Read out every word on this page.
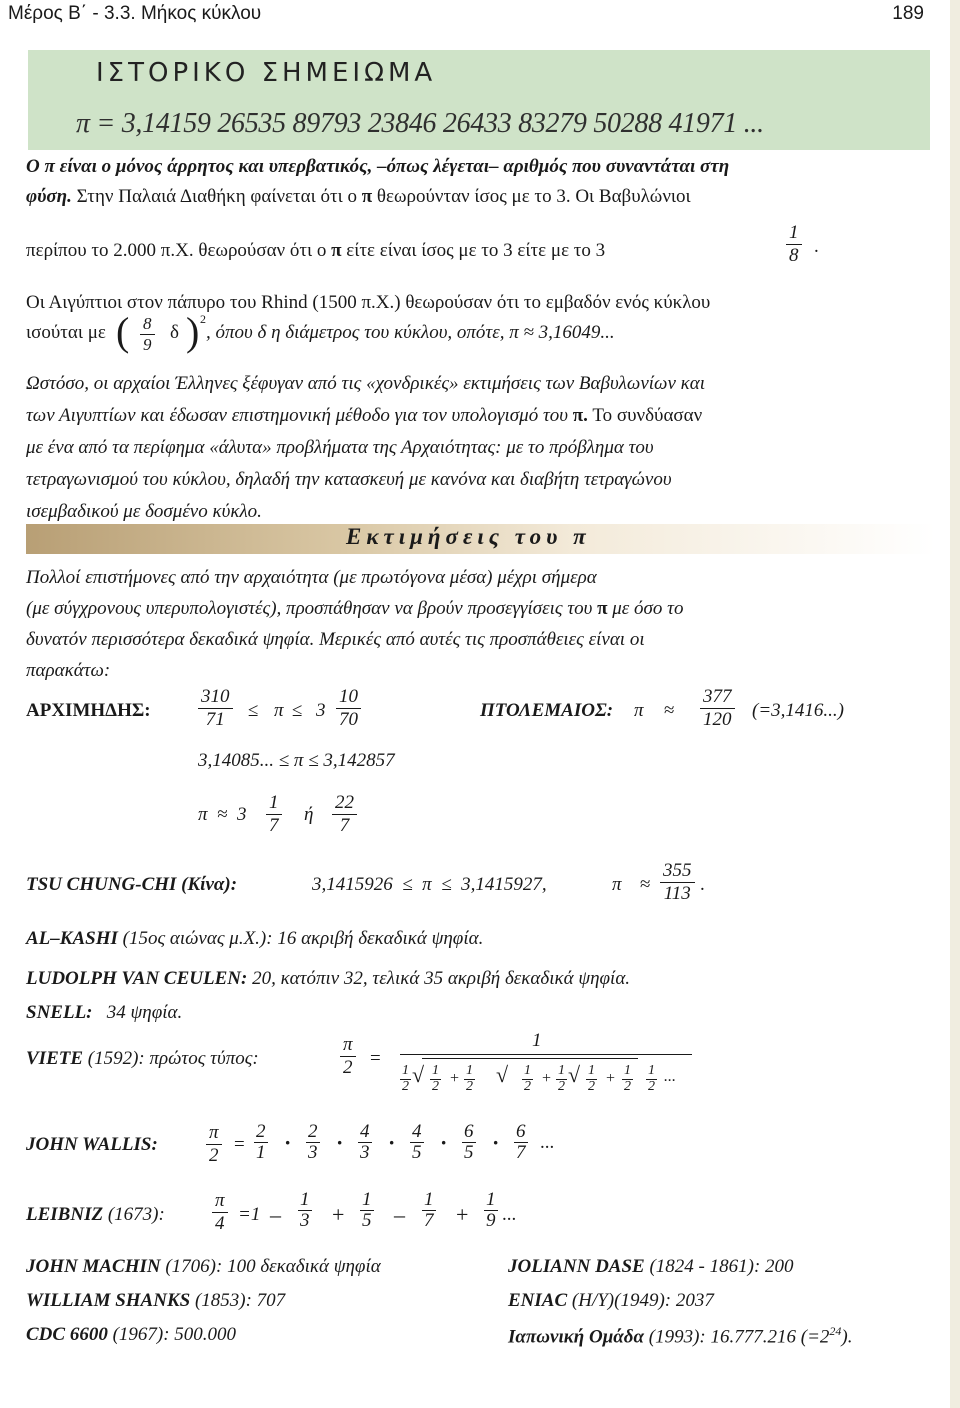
Μέρος Β΄ - 3.3. Μήκος κύκλου	189
ΙΣΤΟΡΙΚΟ ΣΗΜΕΙΩΜΑ
π = 3,14159 26535 89793 23846 26433 83279 50288 41971 ...
Ο π είναι ο μόνος άρρητος και υπερβατικός, –όπως λέγεται– αριθμός που συναντάται στη
φύση. Στην Παλαιά Διαθήκη φαίνεται ότι ο π θεωρούνταν ίσος με το 3. Οι Βαβυλώνιοι
περίπου το 2.000 π.Χ. θεωρούσαν ότι ο π είτε είναι ίσος με το 3 είτε με το 3	$\frac{1}{8}$ .
Οι Αιγύπτιοι στον πάπυρο του Rhind (1500 π.Χ.) θεωρούσαν ότι το εμβαδόν ενός κύκλου
ισούται με ( $\frac{8}{9}$ δ ) 2
, όπου δ η διάμετρος του κύκλου, οπότε, π ≈ 3,16049...
Ωστόσο, οι αρχαίοι Έλληνες ξέφυγαν από τις «χονδρικές» εκτιμήσεις των Βαβυλωνίων και
των Αιγυπτίων και έδωσαν επιστημονική μέθοδο για τον υπολογισμό του π. Το συνδύασαν
με ένα από τα περίφημα «άλυτα» προβλήματα της Αρχαιότητας: με το πρόβλημα του
τετραγωνισμού του κύκλου, δηλαδή την κατασκευή με κανόνα και διαβήτη τετραγώνου
ισεμβαδικού με δοσμένο κύκλο.
Εκτιμήσεις του π
Πολλοί επιστήμονες από την αρχαιότητα (με πρωτόγονα μέσα) μέχρι σήμερα
(με σύγχρονους υπερυπολογιστές), προσπάθησαν να βρούν προσεγγίσεις του π με όσο το
δυνατόν περισσότερα δεκαδικά ψηφία. Μερικές από αυτές τις προσπάθειες είναι οι
παρακάτω:
ΑΡΧΙΜΗΔΗΣ: $\frac{310}{71} \le \pi \le 3 \frac{10}{70}$
3,14085... ≤ π ≤ 3,142857
$\pi \approx 3 \frac{1}{7}$ ή $\frac{22}{7}$
ΠΤΟΛΕΜΑΙΟΣ: $\pi \approx \frac{377}{120} (=3,1416...)$
TSU CHUNG-CHI (Κίνα):	3,1415926  ≤  π  ≤  3,1415927,	$\pi \approx \frac{355}{113}$ .
AL–KASHI (15ος αιώνας μ.Χ.): 16 ακριβή δεκαδικά ψηφία.
LUDOLPH VAN CEULEN: 20, κατόπιν 32, τελικά 35 ακριβή δεκαδικά ψηφία.
SNELL: 34 ψηφία.
VIETE (1592): πρώτος τύπος:	$\frac{\pi}{2}$ =
1
$\frac{1}{2} \frac{1}{2} + \frac{1}{2}$	$\frac{1}{2} + \frac{1}{2} \frac{1}{2} + \frac{1}{2} \frac{1}{2}$ ...
√	√	√
JOHN WALLIS:	$\frac{\pi}{2} = \frac{2}{1} \cdot \frac{2}{3} \cdot \frac{4}{3} \cdot \frac{4}{5} \cdot \frac{6}{5} \cdot \frac{6}{7}$ ...
LEIBNIZ (1673): $\frac{\pi}{4} =1 - \frac{1}{3} + \frac{1}{5} - \frac{1}{7} + \frac{1}{9}$ ...
JOHN MACHIN (1706): 100 δεκαδικά ψηφία	JOLIANN DASE (1824 - 1861): 200
WILLIAM SHANKS (1853): 707	ENIAC (H/Y)(1949): 2037
CDC 6600 (1967): 500.000	Ιαπωνική Ομάδα (1993): 16.777.216 $(=2^{24})$.
